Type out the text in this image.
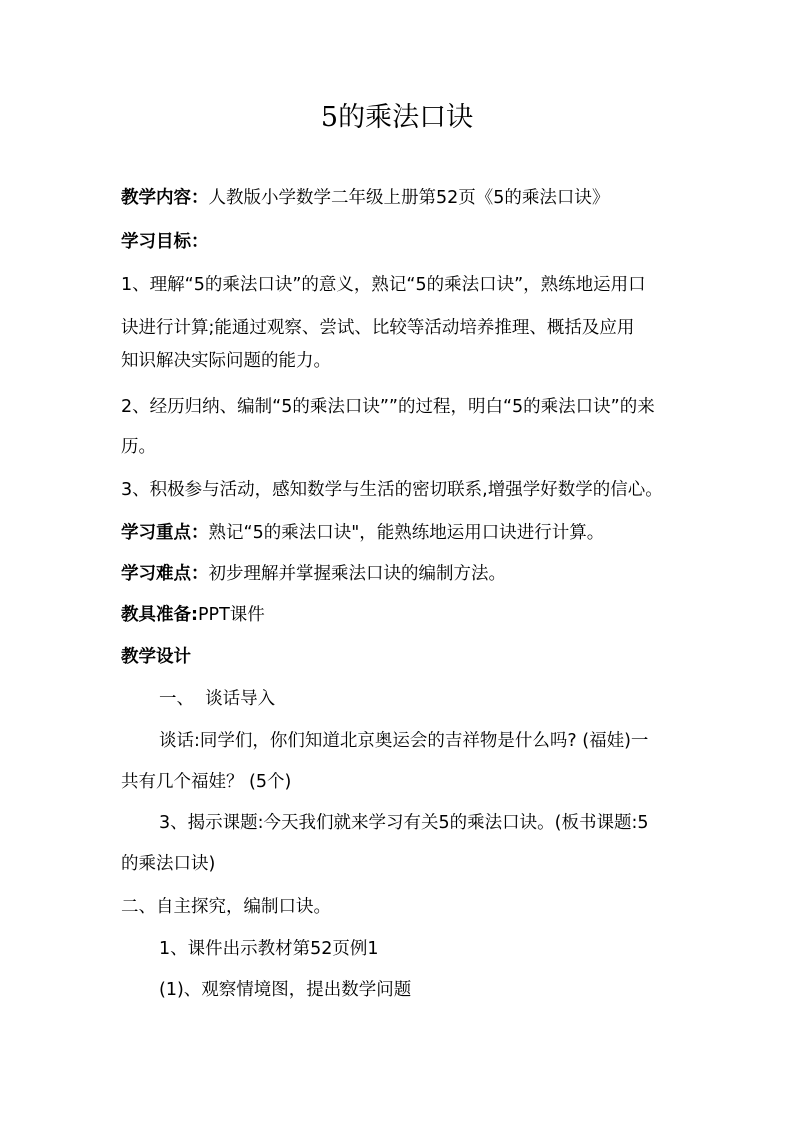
5的乘法口诀
教学内容：人教版小学数学二年级上册第52页《5的乘法口诀》
学习目标：
1、理解“5的乘法口诀”的意义，熟记“5的乘法口诀”，熟练地运用口
诀进行计算;能通过观察、尝试、比较等活动培养推理、概括及应用
知识解决实际问题的能力。
2、经历归纳、编制“5的乘法口诀””的过程，明白“5的乘法口诀”的来
历。
3、积极参与活动，感知数学与生活的密切联系,增强学好数学的信心。
学习重点：熟记“5的乘法口诀"，能熟练地运用口诀进行计算。
学习难点：初步理解并掌握乘法口诀的编制方法。
教具准备:PPT课件
教学设计
一、  谈话导入
谈话:同学们，你们知道北京奥运会的吉祥物是什么吗? (福娃)一
共有几个福娃？ (5个)
3、揭示课题:今天我们就来学习有关5的乘法口诀。(板书课题:5
的乘法口诀)
二、自主探究，编制口诀。
1、课件出示教材第52页例1
(1)、观察情境图，提出数学问题
